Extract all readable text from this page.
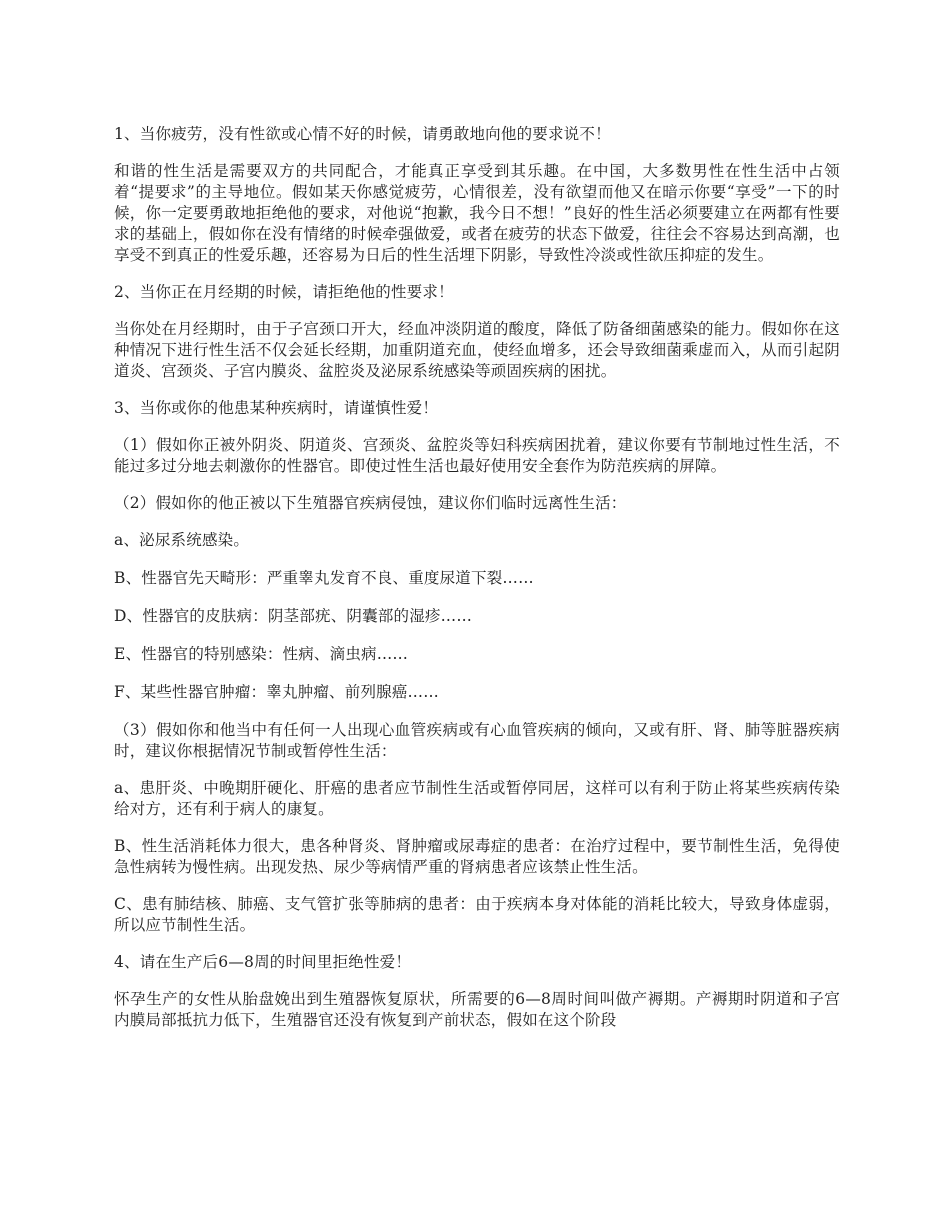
1、当你疲劳，没有性欲或心情不好的时候，请勇敢地向他的要求说不！

和谐的性生活是需要双方的共同配合，才能真正享受到其乐趣。在中国，大多数男性在性生活中占领着“提要求”的主导地位。假如某天你感觉疲劳，心情很差，没有欲望而他又在暗示你要“享受”一下的时候，你一定要勇敢地拒绝他的要求，对他说“抱歉，我今日不想！”良好的性生活必须要建立在两都有性要求的基础上，假如你在没有情绪的时候牵强做爱，或者在疲劳的状态下做爱，往往会不容易达到高潮，也享受不到真正的性爱乐趣，还容易为日后的性生活埋下阴影，导致性冷淡或性欲压抑症的发生。

2、当你正在月经期的时候，请拒绝他的性要求！

当你处在月经期时，由于子宫颈口开大，经血冲淡阴道的酸度，降低了防备细菌感染的能力。假如你在这种情况下进行性生活不仅会延长经期，加重阴道充血，使经血增多，还会导致细菌乘虚而入，从而引起阴道炎、宫颈炎、子宫内膜炎、盆腔炎及泌尿系统感染等顽固疾病的困扰。

3、当你或你的他患某种疾病时，请谨慎性爱！

（1）假如你正被外阴炎、阴道炎、宫颈炎、盆腔炎等妇科疾病困扰着，建议你要有节制地过性生活，不能过多过分地去刺激你的性器官。即使过性生活也最好使用安全套作为防范疾病的屏障。

（2）假如你的他正被以下生殖器官疾病侵蚀，建议你们临时远离性生活：

a、泌尿系统感染。

B、性器官先天畸形：严重睾丸发育不良、重度尿道下裂……

D、性器官的皮肤病：阴茎部疣、阴囊部的湿疹……

E、性器官的特别感染：性病、滴虫病……

F、某些性器官肿瘤：睾丸肿瘤、前列腺癌……

（3）假如你和他当中有任何一人出现心血管疾病或有心血管疾病的倾向，又或有肝、肾、肺等脏器疾病时，建议你根据情况节制或暂停性生活：

a、患肝炎、中晚期肝硬化、肝癌的患者应节制性生活或暂停同居，这样可以有利于防止将某些疾病传染给对方，还有利于病人的康复。

B、性生活消耗体力很大，患各种肾炎、肾肿瘤或尿毒症的患者：在治疗过程中，要节制性生活，免得使急性病转为慢性病。出现发热、尿少等病情严重的肾病患者应该禁止性生活。

C、患有肺结核、肺癌、支气管扩张等肺病的患者：由于疾病本身对体能的消耗比较大，导致身体虚弱，所以应节制性生活。

4、请在生产后6—8周的时间里拒绝性爱！

怀孕生产的女性从胎盘娩出到生殖器恢复原状，所需要的6—8周时间叫做产褥期。产褥期时阴道和子宫内膜局部抵抗力低下，生殖器官还没有恢复到产前状态，假如在这个阶段
